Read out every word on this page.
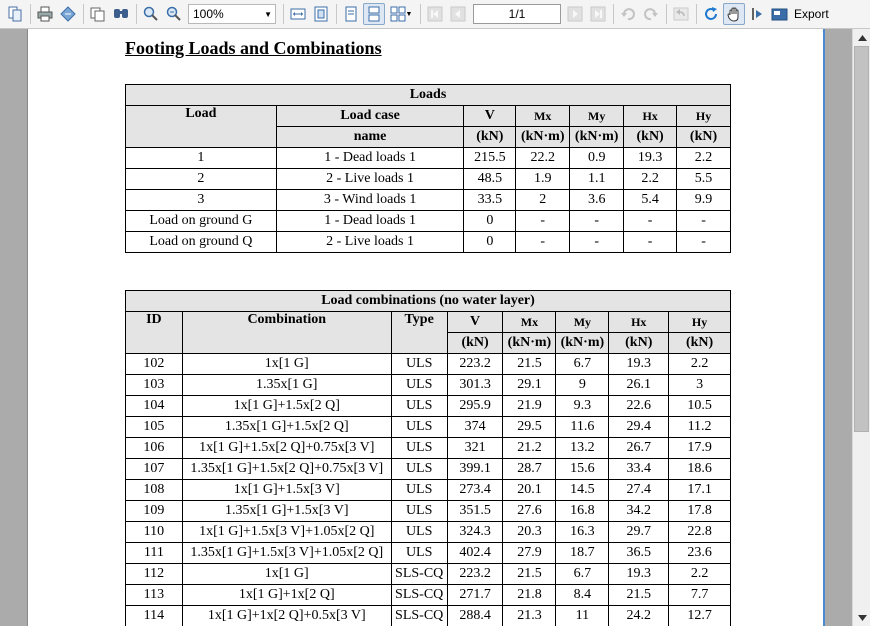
100%	▼	▼	1/1	Export
Footing Loads and Combinations
Loads						
Load	Load case	V	Mx	My	Hx	Hy
	name	(kN)	(kN·m)	(kN·m)	(kN)	(kN)
1	1 - Dead loads 1	215.5	22.2	0.9	19.3	2.2
2	2 - Live loads 1	48.5	1.9	1.1	2.2	5.5
3	3 - Wind loads 1	33.5	2	3.6	5.4	9.9
Load on ground G	1 - Dead loads 1	0	-	-	-	-
Load on ground Q	2 - Live loads 1	0	-	-	-	-
Load combinations (no water layer)							
ID	Combination	Type	V	Mx	My	Hx	Hy
			(kN)	(kN·m)	(kN·m)	(kN)	(kN)
102	1x[1 G]	ULS	223.2	21.5	6.7	19.3	2.2
103	1.35x[1 G]	ULS	301.3	29.1	9	26.1	3
104	1x[1 G]+1.5x[2 Q]	ULS	295.9	21.9	9.3	22.6	10.5
105	1.35x[1 G]+1.5x[2 Q]	ULS	374	29.5	11.6	29.4	11.2
106	1x[1 G]+1.5x[2 Q]+0.75x[3 V]	ULS	321	21.2	13.2	26.7	17.9
107	1.35x[1 G]+1.5x[2 Q]+0.75x[3 V]	ULS	399.1	28.7	15.6	33.4	18.6
108	1x[1 G]+1.5x[3 V]	ULS	273.4	20.1	14.5	27.4	17.1
109	1.35x[1 G]+1.5x[3 V]	ULS	351.5	27.6	16.8	34.2	17.8
110	1x[1 G]+1.5x[3 V]+1.05x[2 Q]	ULS	324.3	20.3	16.3	29.7	22.8
111	1.35x[1 G]+1.5x[3 V]+1.05x[2 Q]	ULS	402.4	27.9	18.7	36.5	23.6
112	1x[1 G]	SLS-CQ	223.2	21.5	6.7	19.3	2.2
113	1x[1 G]+1x[2 Q]	SLS-CQ	271.7	21.8	8.4	21.5	7.7
114	1x[1 G]+1x[2 Q]+0.5x[3 V]	SLS-CQ	288.4	21.3	11	24.2	12.7
